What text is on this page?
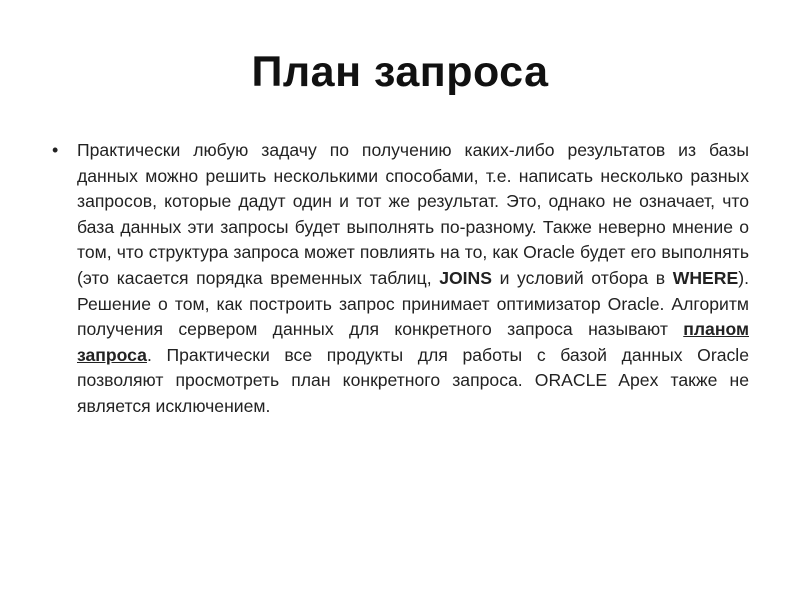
План запроса
• Практически любую задачу по получению каких-либо результатов из базы данных можно решить несколькими способами, т.е. написать несколько разных запросов, которые дадут один и тот же результат. Это, однако не означает, что база данных эти запросы будет выполнять по-разному. Также неверно мнение о том, что структура запроса может повлиять на то, как Oracle будет его выполнять (это касается порядка временных таблиц, JOINS и условий отбора в WHERE). Решение о том, как построить запрос принимает оптимизатор Oracle. Алгоритм получения сервером данных для конкретного запроса называют планом запроса. Практически все продукты для работы с базой данных Oracle позволяют просмотреть план конкретного запроса. ORACLE Apex также не является исключением.
